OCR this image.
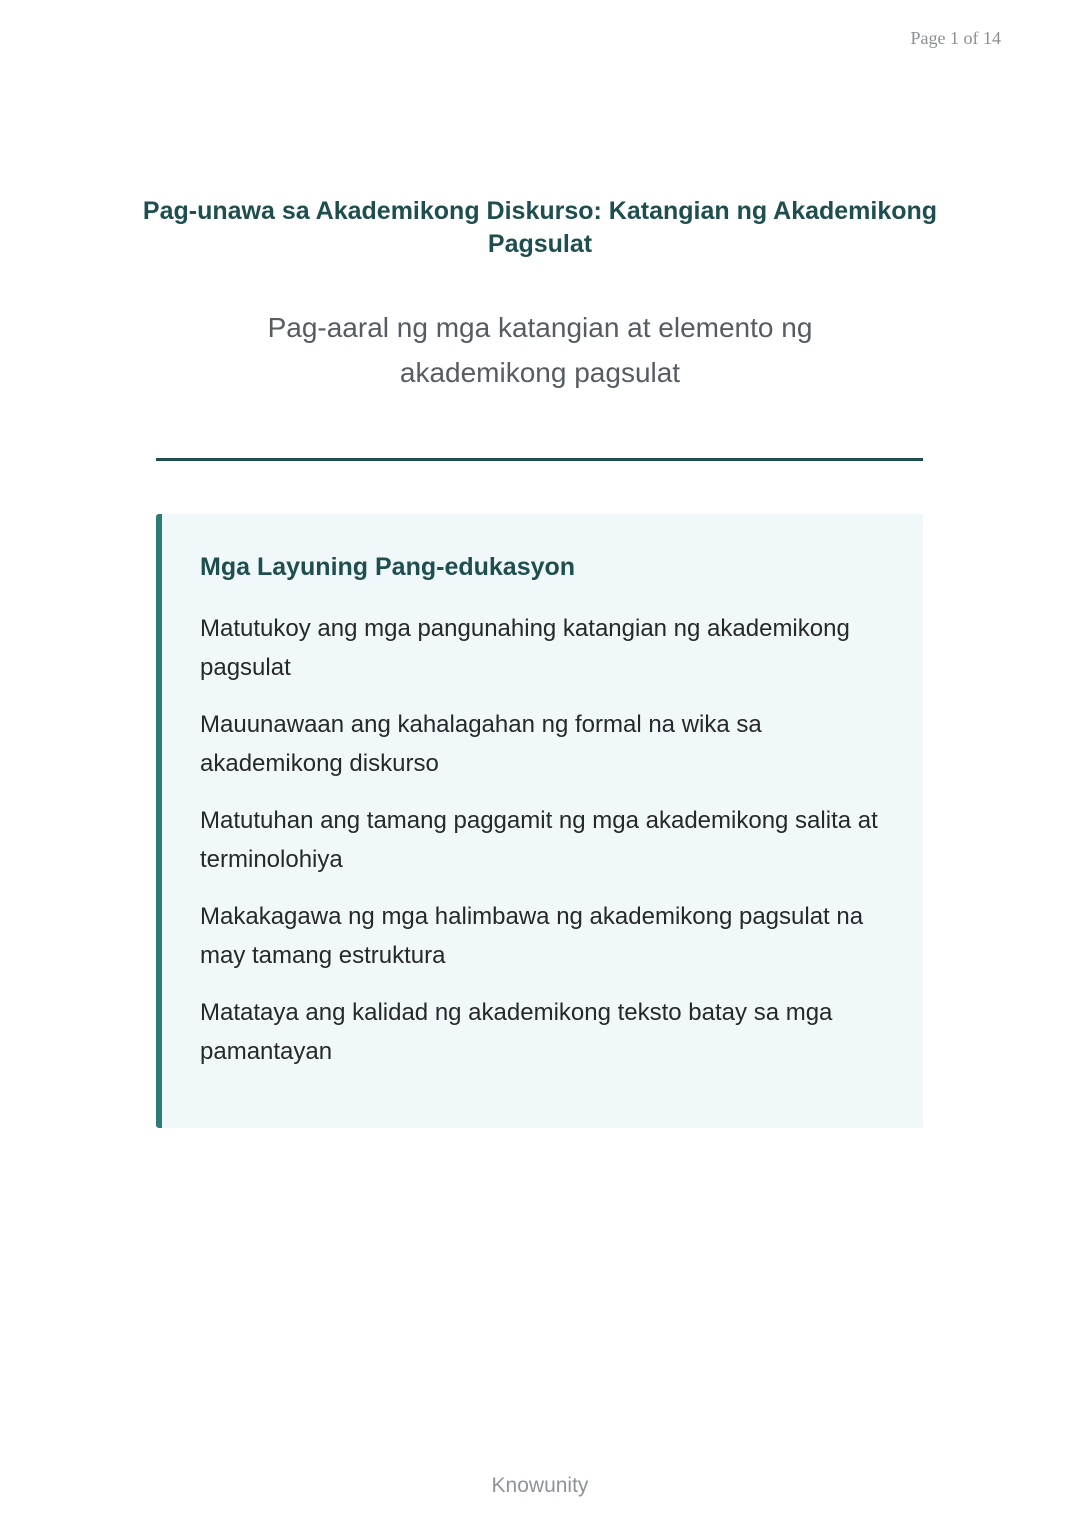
Page 1 of 14
Pag-unawa sa Akademikong Diskurso: Katangian ng Akademikong Pagsulat

Pag-aaral ng mga katangian at elemento ng akademikong pagsulat

Mga Layuning Pang-edukasyon
Matutukoy ang mga pangunahing katangian ng akademikong pagsulat
Mauunawaan ang kahalagahan ng formal na wika sa akademikong diskurso
Matutuhan ang tamang paggamit ng mga akademikong salita at terminolohiya
Makakagawa ng mga halimbawa ng akademikong pagsulat na may tamang estruktura
Matataya ang kalidad ng akademikong teksto batay sa mga pamantayan
Knowunity
